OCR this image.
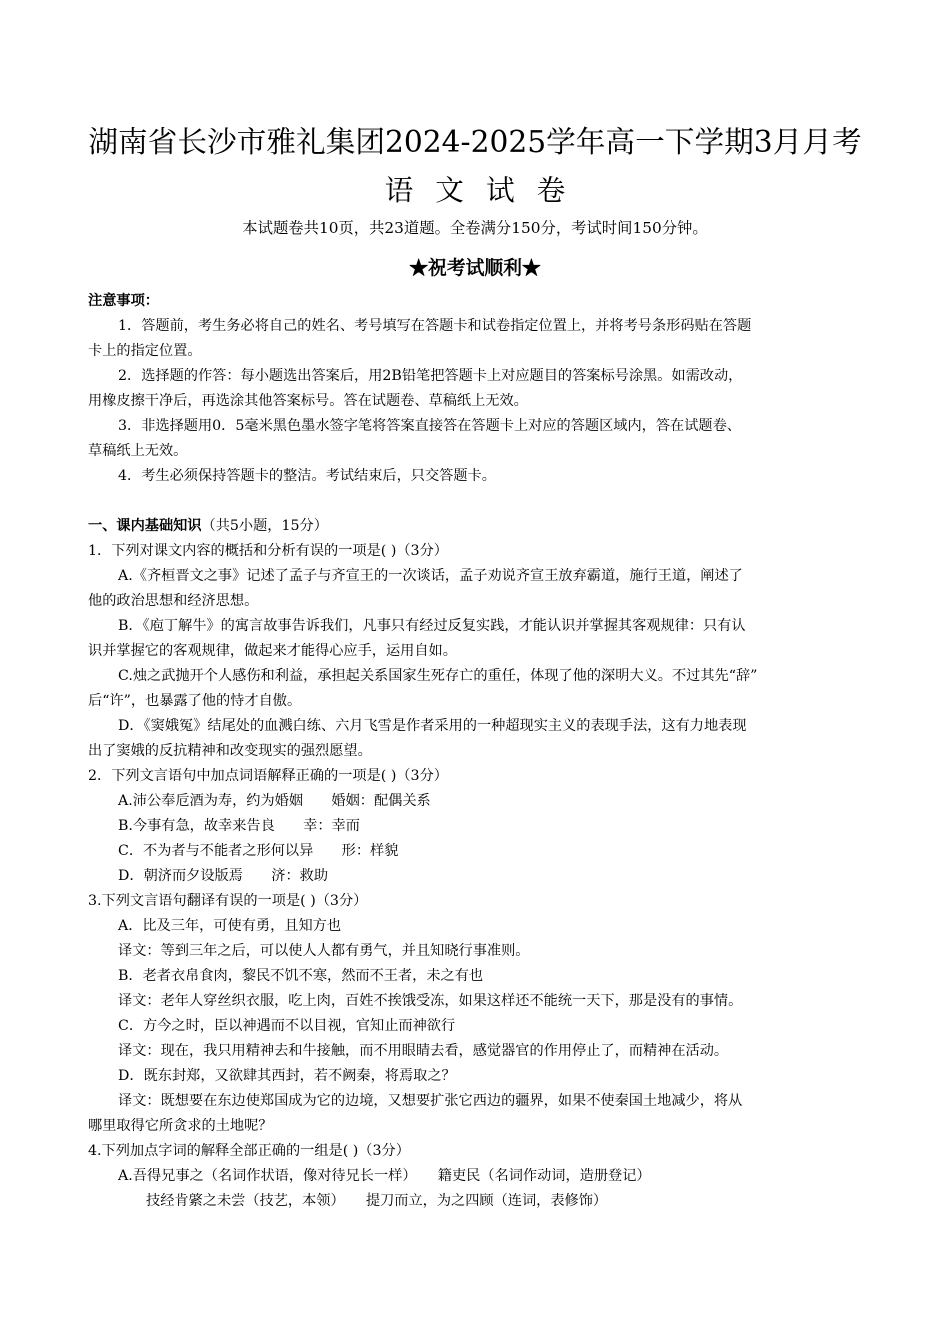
湖南省长沙市雅礼集团2024-2025学年高一下学期3月月考
语文试卷
本试题卷共10页，共23道题。全卷满分150分，考试时间150分钟。
★祝考试顺利★
注意事项：
1．答题前，考生务必将自己的姓名、考号填写在答题卡和试卷指定位置上，并将考号条形码贴在答题
卡上的指定位置。
2．选择题的作答：每小题选出答案后，用2B铅笔把答题卡上对应题目的答案标号涂黑。如需改动，
用橡皮擦干净后，再选涂其他答案标号。答在试题卷、草稿纸上无效。
3．非选择题用0．5毫米黑色墨水签字笔将答案直接答在答题卡上对应的答题区域内，答在试题卷、
草稿纸上无效。
4．考生必须保持答题卡的整洁。考试结束后，只交答题卡。
一、课内基础知识（共5小题，15分）
1．下列对课文内容的概括和分析有误的一项是( )（3分）
A.《齐桓晋文之事》记述了孟子与齐宣王的一次谈话，孟子劝说齐宣王放弃霸道，施行王道，阐述了
他的政治思想和经济思想。
B．《庖丁解牛》的寓言故事告诉我们，凡事只有经过反复实践，才能认识并掌握其客观规律：只有认
识并掌握它的客观规律，做起来才能得心应手，运用自如。
C.烛之武抛开个人感伤和利益，承担起关系国家生死存亡的重任，体现了他的深明大义。不过其先“辞”
后“许”，也暴露了他的恃才自傲。
D．《窦娥冤》结尾处的血溅白练、六月飞雪是作者采用的一种超现实主义的表现手法，这有力地表现
出了窦娥的反抗精神和改变现实的强烈愿望。
2．下列文言语句中加点词语解释正确的一项是( )（3分）
A.沛公奉卮酒为寿，约为婚姻　　婚姻：配偶关系
B.今事有急，故幸来告良　　幸：幸而
C．不为者与不能者之形何以异　　形：样貌
D．朝济而夕设版焉　　济：救助
3.下列文言语句翻译有误的一项是( )（3分）
A．比及三年，可使有勇，且知方也
译文：等到三年之后，可以使人人都有勇气，并且知晓行事准则。
B．老者衣帛食肉，黎民不饥不寒，然而不王者，未之有也
译文：老年人穿丝织衣服，吃上肉，百姓不挨饿受冻，如果这样还不能统一天下，那是没有的事情。
C．方今之时，臣以神遇而不以目视，官知止而神欲行
译文：现在，我只用精神去和牛接触，而不用眼睛去看，感觉器官的作用停止了，而精神在活动。
D．既东封郑，又欲肆其西封，若不阙秦，将焉取之？
译文：既想要在东边使郑国成为它的边境，又想要扩张它西边的疆界，如果不使秦国土地减少，将从
哪里取得它所贪求的土地呢？
4.下列加点字词的解释全部正确的一组是( )（3分）
A.吾得兄事之（名词作状语，像对待兄长一样）　　籍吏民（名词作动词，造册登记）
技经肯綮之未尝（技艺，本领）　　提刀而立，为之四顾（连词，表修饰）
